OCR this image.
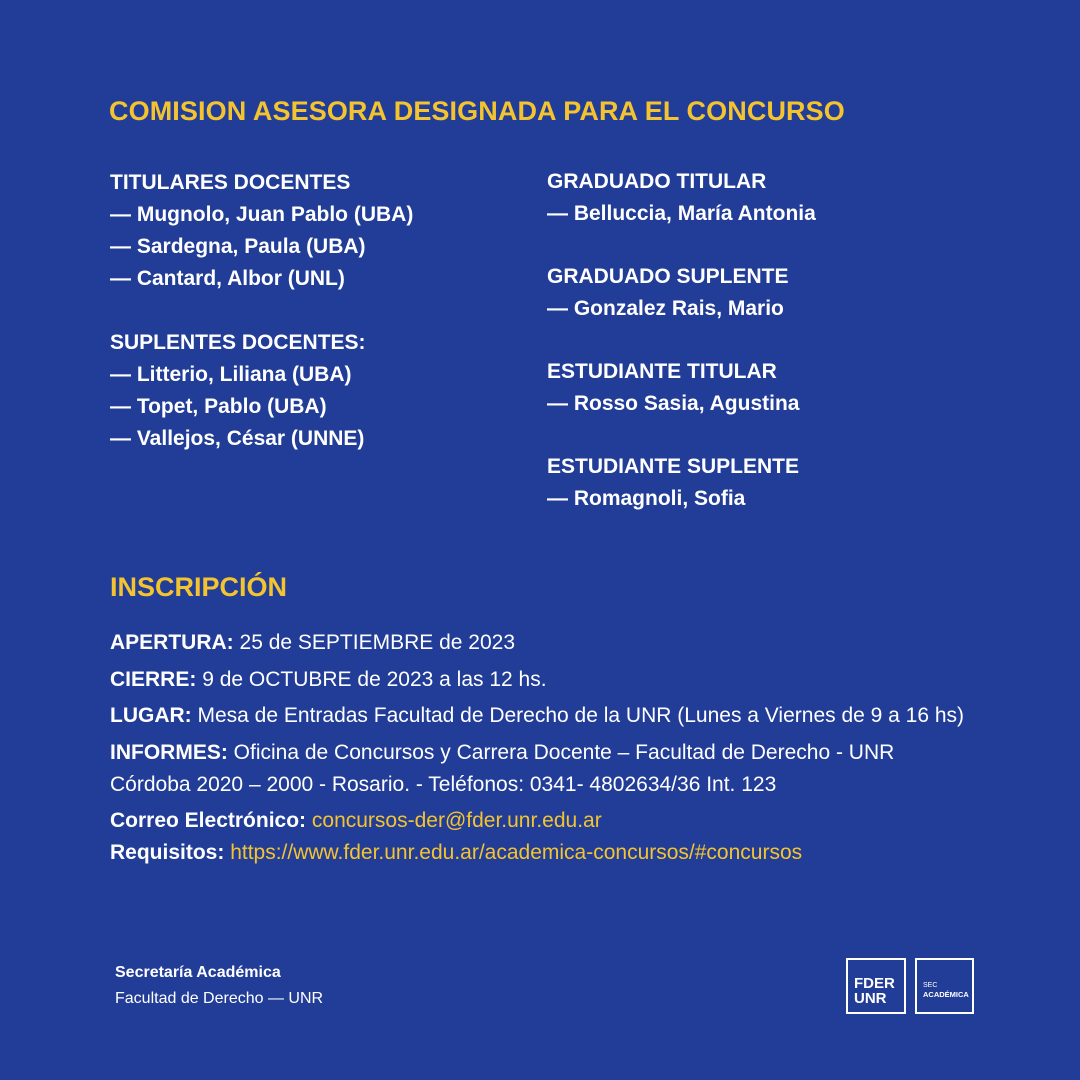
COMISION ASESORA DESIGNADA PARA EL CONCURSO
TITULARES DOCENTES
— Mugnolo, Juan Pablo (UBA)
— Sardegna, Paula (UBA)
— Cantard, Albor (UNL)
SUPLENTES DOCENTES:
— Litterio, Liliana (UBA)
— Topet, Pablo (UBA)
— Vallejos, César (UNNE)
GRADUADO TITULAR
— Belluccia, María Antonia
GRADUADO SUPLENTE
— Gonzalez Rais, Mario
ESTUDIANTE TITULAR
— Rosso Sasia, Agustina
ESTUDIANTE SUPLENTE
— Romagnoli, Sofia
INSCRIPCIÓN

APERTURA: 25 de SEPTIEMBRE de 2023

CIERRE: 9 de OCTUBRE de 2023 a las 12 hs.

LUGAR: Mesa de Entradas Facultad de Derecho de la UNR (Lunes a Viernes de 9 a 16 hs)

INFORMES: Oficina de Concursos y Carrera Docente – Facultad de Derecho - UNR
Córdoba 2020 – 2000 - Rosario. - Teléfonos: 0341- 4802634/36 Int. 123

Correo Electrónico: concursos-der@fder.unr.edu.ar

Requisitos: https://www.fder.unr.edu.ar/academica-concursos/#concursos

Secretaría Académica
Facultad de Derecho — UNR
FDER
UNR
SEC
ACADÉMICA
